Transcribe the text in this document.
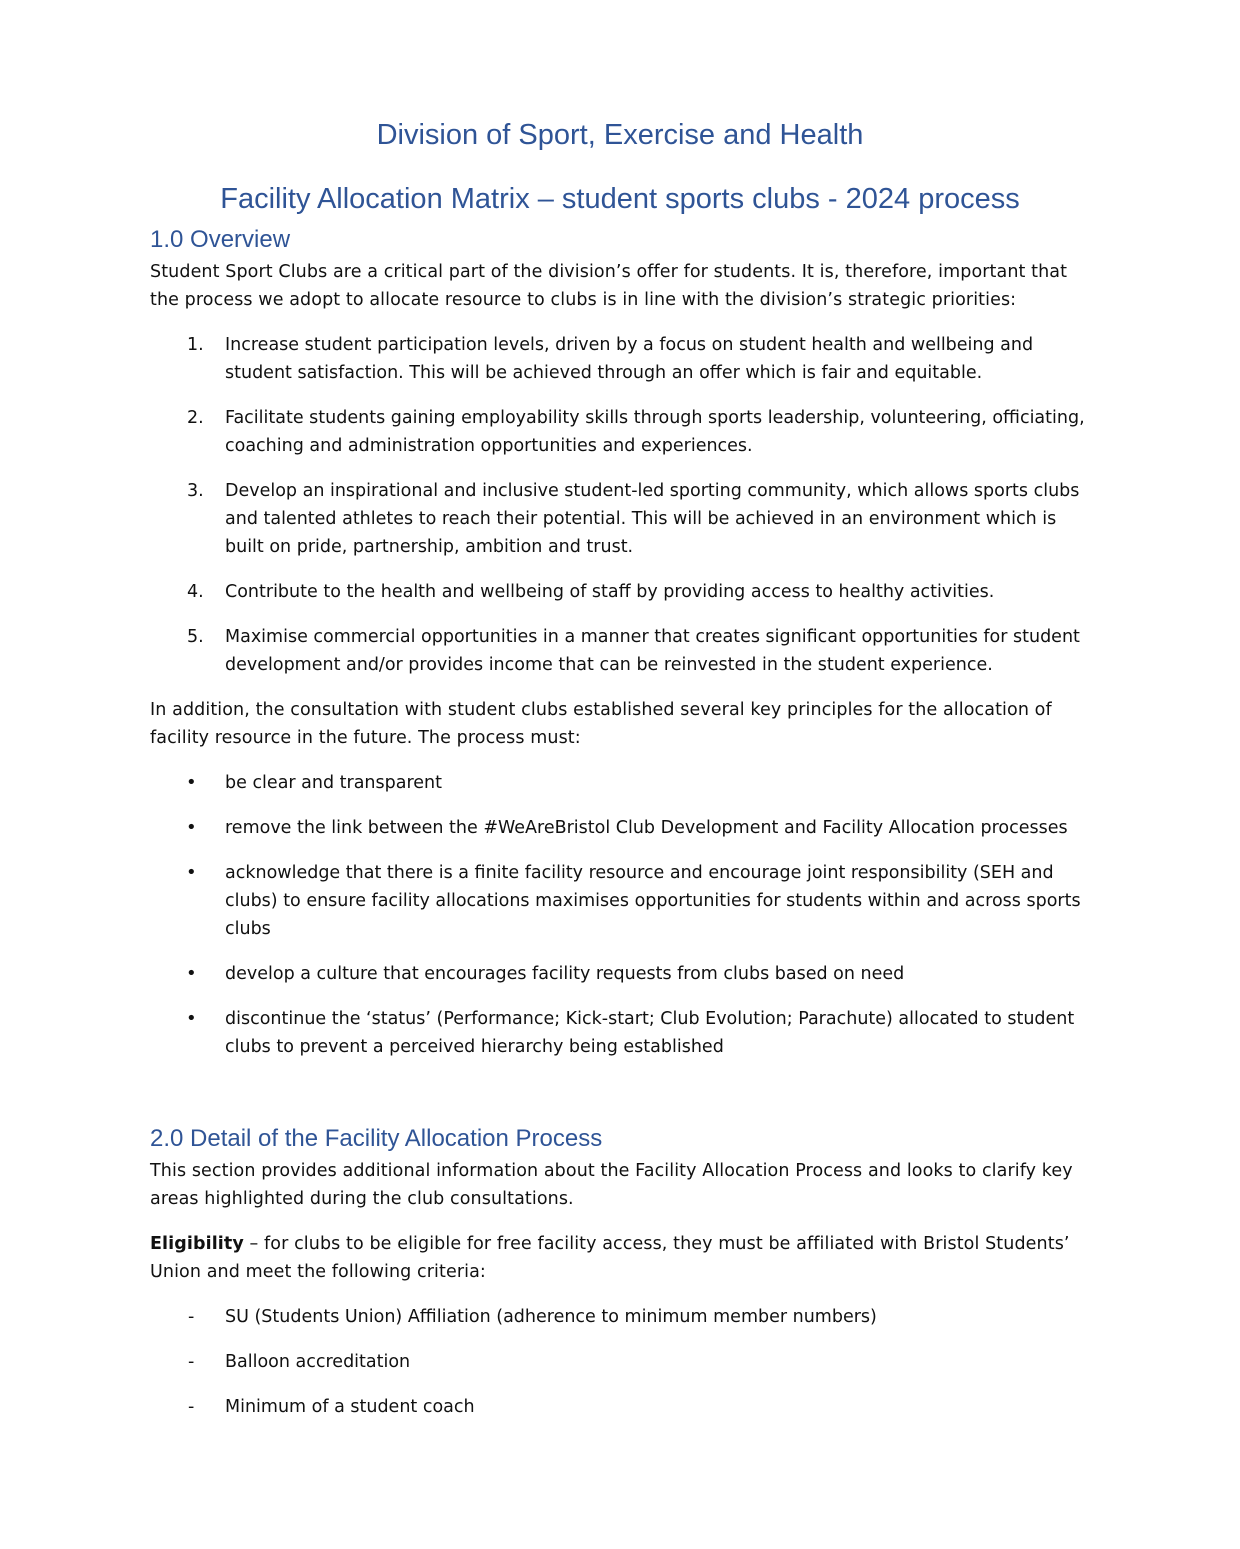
Division of Sport, Exercise and Health
Facility Allocation Matrix – student sports clubs - 2024 process
1.0 Overview

Student Sport Clubs are a critical part of the division’s offer for students. It is, therefore, important that the process we adopt to allocate resource to clubs is in line with the division’s strategic priorities:

1. Increase student participation levels, driven by a focus on student health and wellbeing and student satisfaction. This will be achieved through an offer which is fair and equitable.
2. Facilitate students gaining employability skills through sports leadership, volunteering, officiating, coaching and administration opportunities and experiences.
3. Develop an inspirational and inclusive student-led sporting community, which allows sports clubs and talented athletes to reach their potential. This will be achieved in an environment which is built on pride, partnership, ambition and trust.
4. Contribute to the health and wellbeing of staff by providing access to healthy activities.
5. Maximise commercial opportunities in a manner that creates significant opportunities for student development and/or provides income that can be reinvested in the student experience.

In addition, the consultation with student clubs established several key principles for the allocation of facility resource in the future. The process must:

• be clear and transparent
• remove the link between the #WeAreBristol Club Development and Facility Allocation processes
• acknowledge that there is a finite facility resource and encourage joint responsibility (SEH and clubs) to ensure facility allocations maximises opportunities for students within and across sports clubs
• develop a culture that encourages facility requests from clubs based on need
• discontinue the ‘status’ (Performance; Kick-start; Club Evolution; Parachute) allocated to student clubs to prevent a perceived hierarchy being established
2.0 Detail of the Facility Allocation Process

This section provides additional information about the Facility Allocation Process and looks to clarify key areas highlighted during the club consultations.

Eligibility – for clubs to be eligible for free facility access, they must be affiliated with Bristol Students’ Union and meet the following criteria:

- SU (Students Union) Affiliation (adherence to minimum member numbers)
- Balloon accreditation
- Minimum of a student coach
